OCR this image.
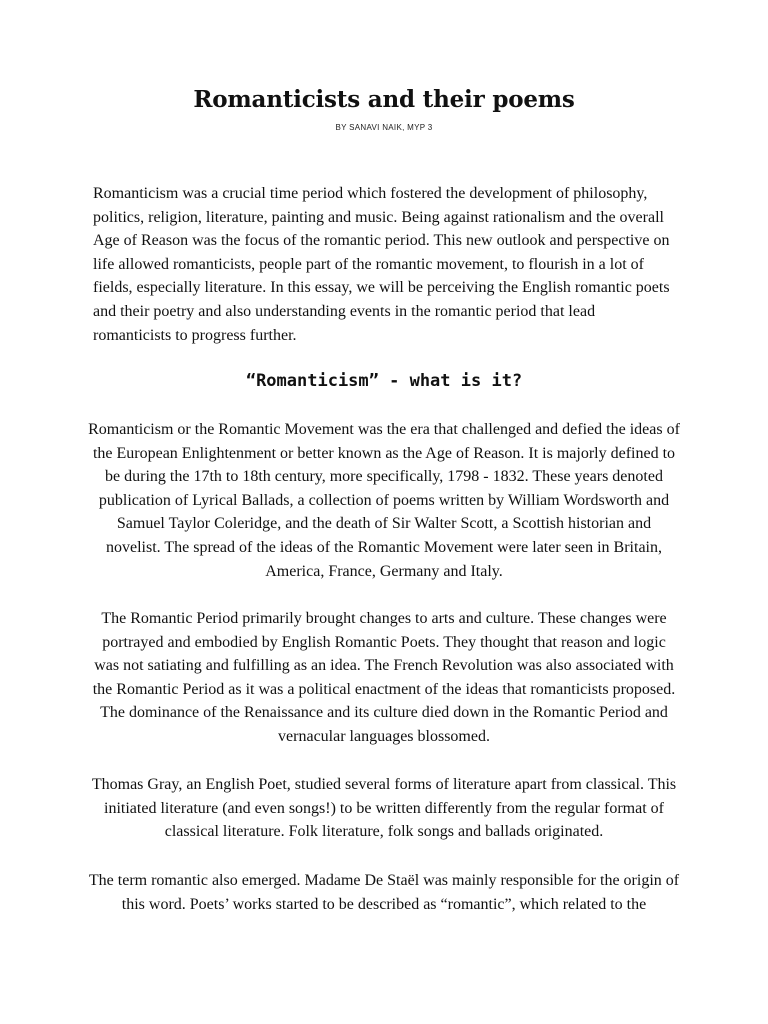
Romanticists and their poems

BY SANAVI NAIK, MYP 3

Romanticism was a crucial time period which fostered the development of philosophy, politics, religion, literature, painting and music. Being against rationalism and the overall Age of Reason was the focus of the romantic period. This new outlook and perspective on life allowed romanticists, people part of the romantic movement, to flourish in a lot of fields, especially literature. In this essay, we will be perceiving the English romantic poets and their poetry and also understanding events in the romantic period that lead romanticists to progress further.

“Romanticism” - what is it?

Romanticism or the Romantic Movement was the era that challenged and defied the ideas of the European Enlightenment or better known as the Age of Reason. It is majorly defined to be during the 17th to 18th century, more specifically, 1798 - 1832. These years denoted publication of Lyrical Ballads, a collection of poems written by William Wordsworth and Samuel Taylor Coleridge, and the death of Sir Walter Scott, a Scottish historian and novelist. The spread of the ideas of the Romantic Movement were later seen in Britain, America, France, Germany and Italy.

The Romantic Period primarily brought changes to arts and culture. These changes were portrayed and embodied by English Romantic Poets. They thought that reason and logic was not satiating and fulfilling as an idea. The French Revolution was also associated with the Romantic Period as it was a political enactment of the ideas that romanticists proposed. The dominance of the Renaissance and its culture died down in the Romantic Period and vernacular languages blossomed.

Thomas Gray, an English Poet, studied several forms of literature apart from classical. This initiated literature (and even songs!) to be written differently from the regular format of classical literature. Folk literature, folk songs and ballads originated.

The term romantic also emerged. Madame De Staël was mainly responsible for the origin of this word. Poets’ works started to be described as “romantic”, which related to the
